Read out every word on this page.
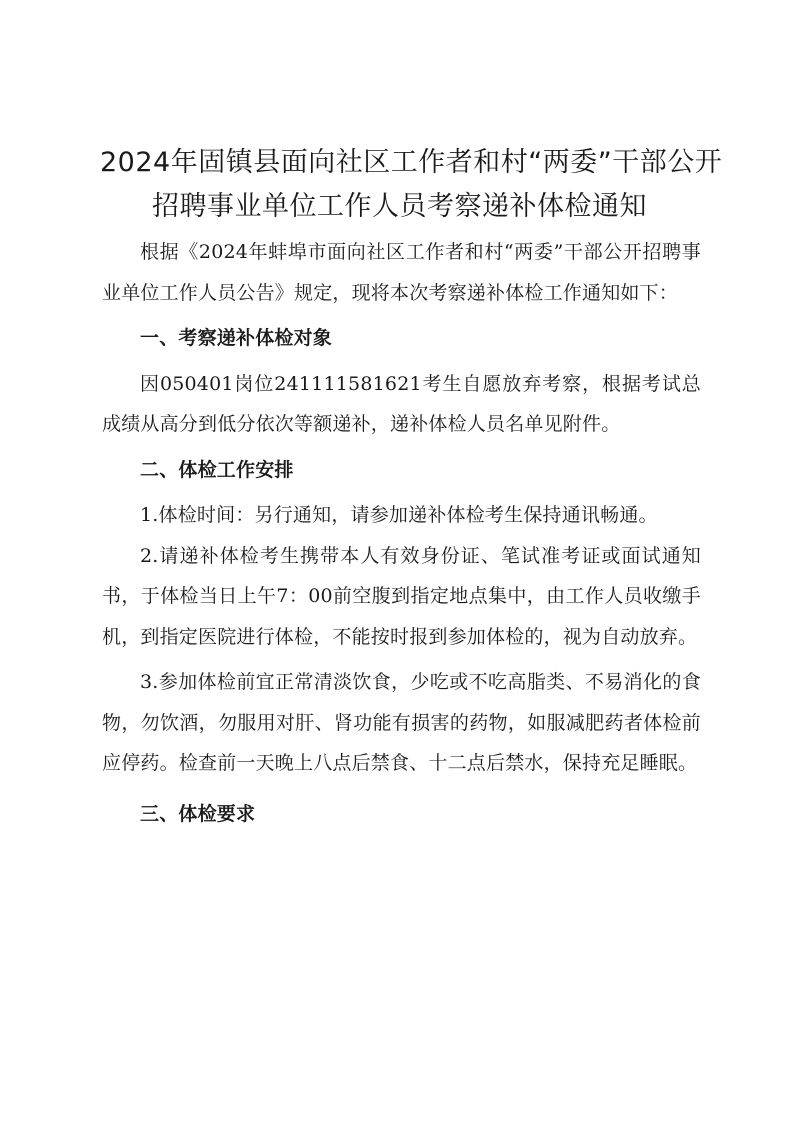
2024年固镇县面向社区工作者和村“两委”干部公开
招聘事业单位工作人员考察递补体检通知

根据《2024年蚌埠市面向社区工作者和村“两委”干部公开招聘事业单位工作人员公告》规定，现将本次考察递补体检工作通知如下：

一、考察递补体检对象

因050401岗位241111581621考生自愿放弃考察，根据考试总成绩从高分到低分依次等额递补，递补体检人员名单见附件。

二、体检工作安排

1.体检时间：另行通知，请参加递补体检考生保持通讯畅通。

2.请递补体检考生携带本人有效身份证、笔试准考证或面试通知书，于体检当日上午7：00前空腹到指定地点集中，由工作人员收缴手机，到指定医院进行体检，不能按时报到参加体检的，视为自动放弃。

3.参加体检前宜正常清淡饮食，少吃或不吃高脂类、不易消化的食物，勿饮酒，勿服用对肝、肾功能有损害的药物，如服减肥药者体检前应停药。检查前一天晚上八点后禁食、十二点后禁水，保持充足睡眠。

三、体检要求
